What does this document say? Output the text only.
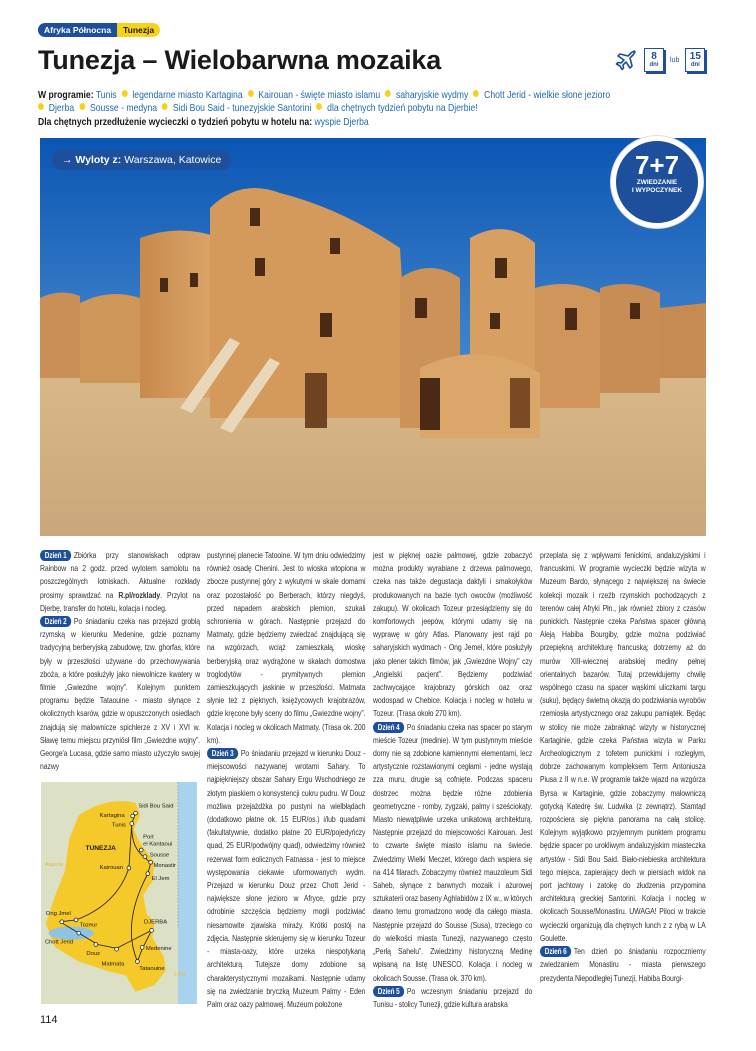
Afryka Północna	Tunezja
Tunezja – Wielobarwna mozaika	8
dni
lub	15
dni
W programie: Tunis legendarne miasto Kartagina Kairouan - święte miasto islamu saharyjskie wydmy Chott Jerid - wielkie słone jezioro
Djerba Sousse - medyna Sidi Bou Said - tunezyjskie Santorini dla chętnych tydzień pobytu na Djerbie!
Dla chętnych przedłużenie wycieczki o tydzień pobytu w hotelu na: wyspie Djerba
→ Wyloty z: Warszawa, Katowice	7+7
ZWIEDZANIE
I WYPOCZYNEK

Dzień 1 Zbiórka przy stanowiskach odpraw Rainbow na 2 godz. przed wylotem samolotu na poszczególnych lotniskach. Aktualne rozkłady prosimy sprawdzać na R.pl/rozklady. Przylot na Djerbę, transfer do hotelu, kolacja i nocleg.

Dzień 2 Po śniadaniu czeka nas przejazd groblą rzymską w kierunku Medenine, gdzie poznamy tradycyjną berberyjską zabudowę, tzw. ghorfas, które były w przeszłości używane do przechowywania zboża, a które posłużyły jako niewolnicze kwatery w filmie „Gwiezdne wojny”. Kolejnym punktem programu będzie Tataouine - miasto słynące z okolicznych ksarów, gdzie w opuszczonych osiedlach znajdują się malownicze spichlerze z XV i XVI w. Sławę temu miejscu przyniósł film „Gwiezdne wojny”. George'a Lucasa, gdzie samo miasto użyczyło swojej nazwy

TUNEZJA
Algeria
Libia
Sidi Bou Said
Kartagina
Tunis
Port
el Kantaoui
Sousse
Monastir
El Jem
Kairouan
Ong Jmel
Tozeur
Chott Jerid
Douz
Matmata
DJERBA
Medenine
Tataouine

pustynnej planecie Tatooine. W tym dniu odwiedzimy również osadę Chenini. Jest to wioska wtopiona w zbocze pustynnej góry z wykutymi w skale domami oraz pozostałość po Berberach, którzy niegdyś, przed napadem arabskich plemion, szukali schronienia w górach. Następnie przejazd do Matmaty, gdzie będziemy zwiedzać znajdującą się na wzgórzach, wciąż zamieszkałą, wioskę berberyjską oraz wydrążone w skałach domostwa troglodytów - prymitywnych plemion zamieszkujących jaskinie w przeszłości. Matmata słynie też z pięknych, księżycowych krajobrazów, gdzie kręcone były sceny do filmu „Gwiezdne wojny”. Kolacja i nocleg w okolicach Matmaty. (Trasa ok. 200 km).

Dzień 3 Po śniadaniu przejazd w kierunku Douz - miejscowości nazywanej wrotami Sahary. To najpiękniejszy obszar Sahary Ergu Wschodniego ze złotym piaskiem o konsystencji cukru pudru. W Douz możliwa przejażdżka po pustyni na wielbłądach (dodatkowo płatne ok. 15 EUR/os.) i/lub quadami (fakultatywnie, dodatko płatne 20 EUR/pojedyńczy quad, 25 EUR/podwójny quad), odwiedzimy również rezerwat form eolicznych Fatnassa - jest to miejsce występowania ciekawie uformowanych wydm. Przejazd w kierunku Douz przez Chott Jerid - największe słone jezioro w Afryce, gdzie przy odrobinie szczęścia będziemy mogli podziwiać niesamowite zjawiska miraży. Krótki postój na zdjęcia. Następnie skierujemy się w kierunku Tozeur - miasta-oazy, które urzeka niespotykaną architekturą. Tutejsze domy zdobione są charakterystycznymi mozaikami. Następnie udamy się na zwiedzanie bryczką Muzeum Palmy - Eden Palm oraz oazy palmowej. Muzeum położone

jest w pięknej oazie palmowej, gdzie zobaczyć można produkty wyrabiane z drzewa palmowego, czeka nas także degustacja daktyli i smakołyków produkowanych na bazie tych owoców (możliwość zakupu). W okolicach Tozeur przesiądziemy się do komfortowych jeepów, którymi udamy się na wyprawę w góry Atlas. Planowany jest rajd po saharyjskich wydmach - Ong Jemel, które posłużyły jako plener takich filmów, jak „Gwiezdne Wojny” czy „Angielski pacjent”. Będziemy podziwiać zachwycające krajobrazy górskich oaz oraz wodospad w Chebice. Kolacja i nocleg w hotelu w Tozeur. (Trasa około 270 km).

Dzień 4 Po śniadaniu czeka nas spacer po starym mieście Tozeur (medinie). W tym pustynnym mieście domy nie są zdobione kamiennymi elementami, lecz artystycznie rozstawionymi cegłami - jedne wystają zza muru, drugie są cofnięte. Podczas spaceru dostrzec można będzie różne zdobienia geometryczne - romby, zygzaki, palmy i sześciokąty. Miasto niewątpliwie urzeka unikatową architekturą. Następnie przejazd do miejscowości Kairouan. Jest to czwarte święte miasto islamu na świecie. Zwiedzimy Wielki Meczet, którego dach wspiera się na 414 filarach. Zobaczymy również mauzoleum Sidi Saheb, słynące z barwnych mozaik i ażurowej sztukaterii oraz baseny Aghlabidów z IX w., w których dawno temu gromadzono wodę dla całego miasta. Następnie przejazd do Sousse (Susa), trzeciego co do wielkości miasta Tunezji, nazywanego często „Perłą Sahelu”. Zwiedzimy historyczną Medinę wpisaną na listę UNESCO. Kolacja i nocleg w okolicach Sousse. (Trasa ok. 370 km).

Dzień 5 Po wczesnym śniadaniu przejazd do Tunisu - stolicy Tunezji, gdzie kultura arabska

przeplata się z wpływami fenickimi, andaluzyjskimi i francuskimi. W programie wycieczki będzie wizyta w Muzeum Bardo, słynącego z największej na świecie kolekcji mozaik i rzeźb rzymskich pochodzących z terenów całej Afryki Płn., jak również zbiory z czasów punickich. Następnie czeka Państwa spacer główną Aleją Habiba Bourgiby, gdzie można podziwiać przepiękną architekturę francuską; dotrzemy aż do murów XIII-wiecznej arabskiej mediny pełnej orientalnych bazarów. Tutaj przewidujemy chwilę wspólnego czasu na spacer wąskimi uliczkami targu (suku), będący świetną okazją do podziwiania wyrobów rzemiosła artystycznego oraz zakupu pamiątek. Będąc w stolicy nie może zabraknąć wizyty w historycznej Kartaginie, gdzie czeka Państwa wizyta w Parku Archeologicznym z tofetem punickimi i rozległym, dobrze zachowanym kompleksem Term Antoniusza Piusa z II w n.e. W programie także wjazd na wzgórza Byrsa w Kartaginie, gdzie zobaczymy malowniczą gotycką Katedrę św. Ludwika (z zewnątrz). Stamtąd rozpościera się piękna panorama na całą stolicę. Kolejnym wyjątkowo przyjemnym punktem programu będzie spacer po urokliwym andaluzyjskim miasteczka artystów - Sidi Bou Said. Biało-niebieska architektura tego miejsca, zapierający dech w piersiach widok na port jachtowy i zatokę do złudzenia przypomina architekturą greckiej Santorini. Kolacja i nocleg w okolicach Sousse/Monastiru. UWAGA! Piloci w trakcie wycieczki organizują dla chętnych lunch z z rybą w LA Goulette.

Dzień 6 Ten dzień po śniadaniu rozpoczniemy zwiedzaniem Monastiru - miasta pierwszego prezydenta Niepodległej Tunezji, Habiba Bourgi-

114
